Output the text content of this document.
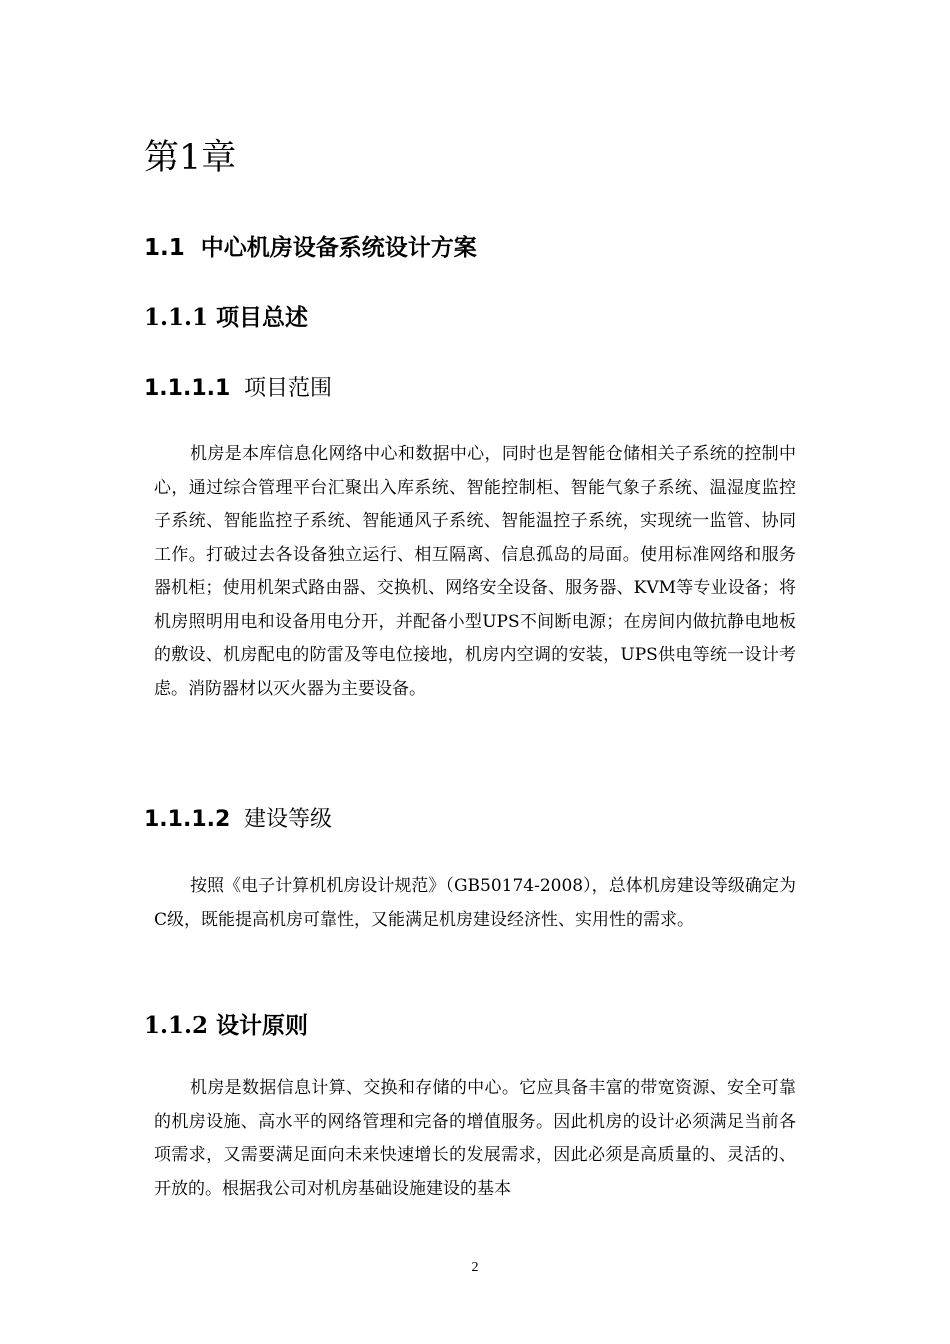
第1章
1.1 中心机房设备系统设计方案
1.1.1 项目总述
1.1.1.1 项目范围
机房是本库信息化网络中心和数据中心，同时也是智能仓储相关子系统的控制中心，通过综合管理平台汇聚出入库系统、智能控制柜、智能气象子系统、温湿度监控子系统、智能监控子系统、智能通风子系统、智能温控子系统，实现统一监管、协同工作。打破过去各设备独立运行、相互隔离、信息孤岛的局面。使用标准网络和服务器机柜；使用机架式路由器、交换机、网络安全设备、服务器、KVM等专业设备；将机房照明用电和设备用电分开，并配备小型UPS不间断电源；在房间内做抗静电地板的敷设、机房配电的防雷及等电位接地，机房内空调的安装，UPS供电等统一设计考虑。消防器材以灭火器为主要设备。
1.1.1.2 建设等级
按照《电子计算机机房设计规范》（GB50174-2008），总体机房建设等级确定为C级，既能提高机房可靠性，又能满足机房建设经济性、实用性的需求。
1.1.2 设计原则
机房是数据信息计算、交换和存储的中心。它应具备丰富的带宽资源、安全可靠的机房设施、高水平的网络管理和完备的增值服务。因此机房的设计必须满足当前各项需求，又需要满足面向未来快速增长的发展需求，因此必须是高质量的、灵活的、开放的。根据我公司对机房基础设施建设的基本
2
